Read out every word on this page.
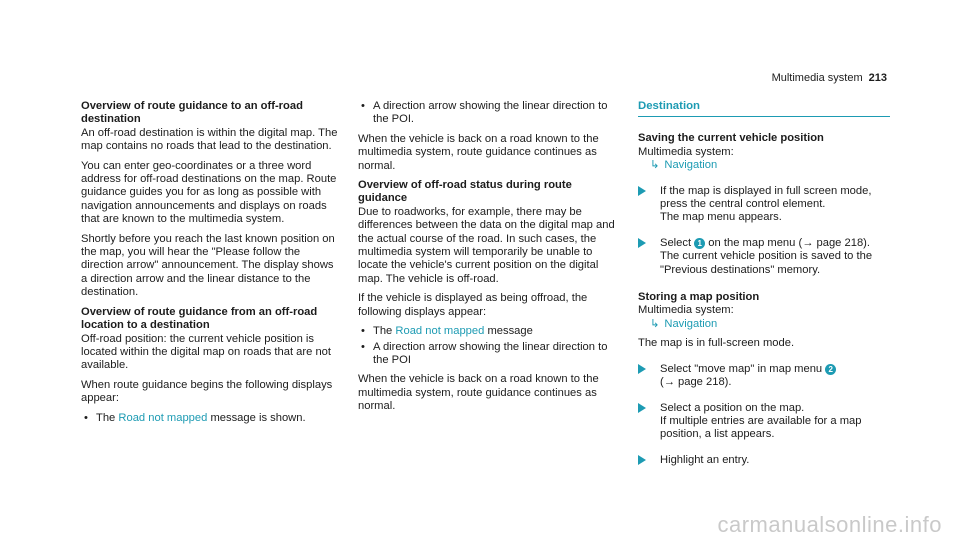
Multimedia system 213
Overview of route guidance to an off-road destination

An off-road destination is within the digital map. The map contains no roads that lead to the destination.

You can enter geo-coordinates or a three word address for off-road destinations on the map. Route guidance guides you for as long as possible with navigation announcements and displays on roads that are known to the multimedia system.

Shortly before you reach the last known position on the map, you will hear the "Please follow the direction arrow" announcement. The display shows a direction arrow and the linear distance to the destination.

Overview of route guidance from an off-road location to a destination

Off-road position: the current vehicle position is located within the digital map on roads that are not available.

When route guidance begins the following displays appear:

• The Road not mapped message is shown.
• A direction arrow showing the linear direction to the POI.

When the vehicle is back on a road known to the multimedia system, route guidance continues as normal.

Overview of off-road status during route guidance

Due to roadworks, for example, there may be differences between the data on the digital map and the actual course of the road. In such cases, the multimedia system will temporarily be unable to locate the vehicle's current position on the digital map. The vehicle is off-road.

If the vehicle is displayed as being offroad, the following displays appear:

• The Road not mapped message
• A direction arrow showing the linear direction to the POI

When the vehicle is back on a road known to the multimedia system, route guidance continues as normal.

Destination
Saving the current vehicle position
Multimedia system:
↳ Navigation
If the map is displayed in full screen mode, press the central control element.
The map menu appears.
Select 1 on the map menu (→ page 218).
The current vehicle position is saved to the "Previous destinations" memory.
Storing a map position
Multimedia system:
↳ Navigation
The map is in full-screen mode.
Select "move map" in map menu 2
(→ page 218).
Select a position on the map.
If multiple entries are available for a map position, a list appears.
Highlight an entry.
carmanualsonline.info
